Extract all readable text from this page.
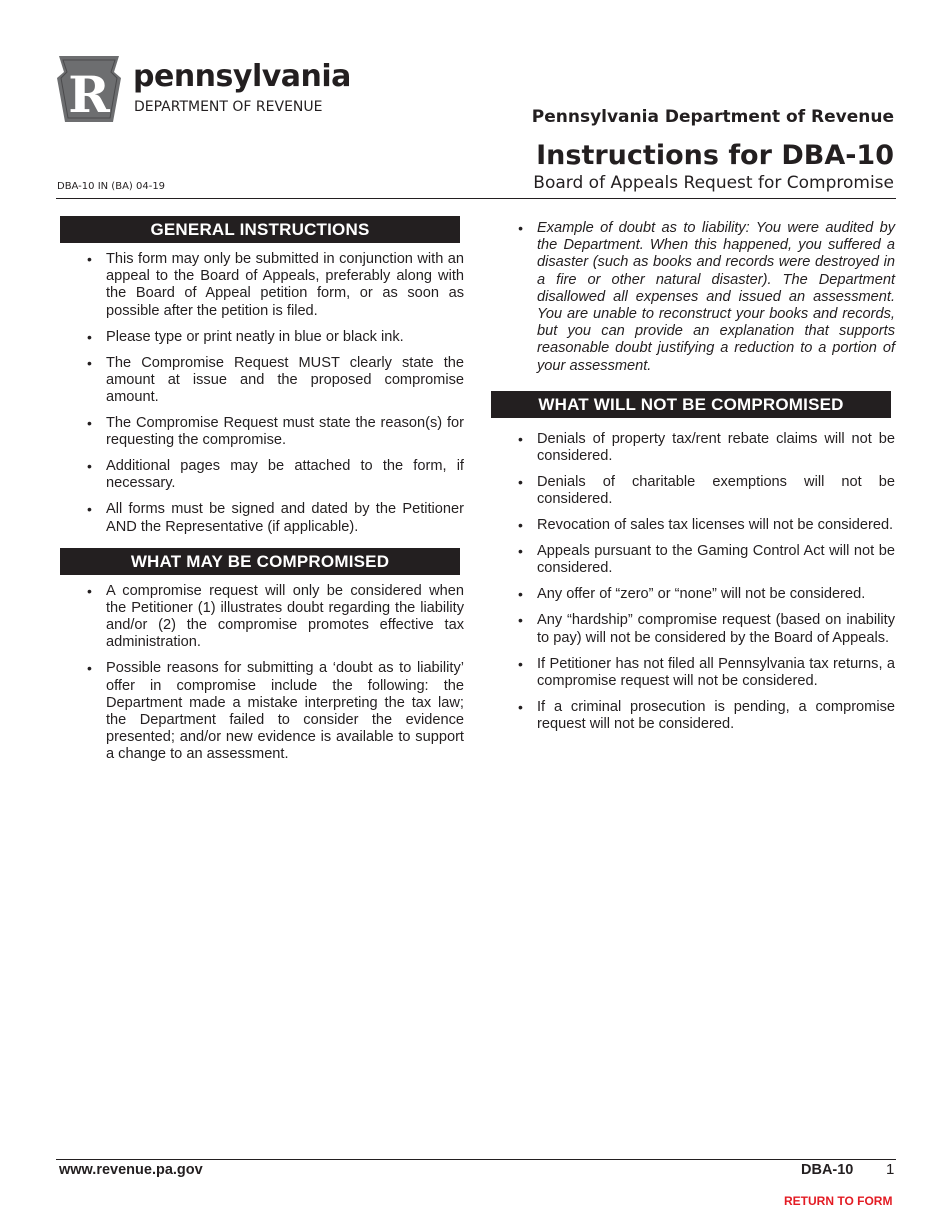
R pennsylvania
DEPARTMENT OF REVENUE	Pennsylvania Department of Revenue
Instructions for DBA-10
Board of Appeals Request for Compromise
DBA-10 IN (BA) 04-19
GENERAL INSTRUCTIONS
• This form may only be submitted in conjunction with an appeal to the Board of Appeals, preferably along with the Board of Appeal petition form, or as soon as possible after the petition is filed.
• Please type or print neatly in blue or black ink.
• The Compromise Request MUST clearly state the amount at issue and the proposed compromise amount.
• The Compromise Request must state the reason(s) for requesting the compromise.
• Additional pages may be attached to the form, if necessary.
• All forms must be signed and dated by the Petitioner AND the Representative (if applicable).
WHAT MAY BE COMPROMISED
• A compromise request will only be considered when the Petitioner (1) illustrates doubt regarding the liability and/or (2) the compromise promotes effective tax administration.
• Possible reasons for submitting a ‘doubt as to liability’ offer in compromise include the following: the Department made a mistake interpreting the tax law; the Department failed to consider the evidence presented; and/or new evidence is available to support a change to an assessment.
• Example of doubt as to liability: You were audited by the Department. When this happened, you suffered a disaster (such as books and records were destroyed in a fire or other natural disaster). The Department disallowed all expenses and issued an assessment. You are unable to reconstruct your books and records, but you can provide an explanation that supports reasonable doubt justifying a reduction to a portion of your assessment.
WHAT WILL NOT BE COMPROMISED
• Denials of property tax/rent rebate claims will not be considered.
• Denials of charitable exemptions will not be considered.
• Revocation of sales tax licenses will not be considered.
• Appeals pursuant to the Gaming Control Act will not be considered.
• Any offer of “zero” or “none” will not be considered.
• Any “hardship” compromise request (based on inability to pay) will not be considered by the Board of Appeals.
• If Petitioner has not filed all Pennsylvania tax returns, a compromise request will not be considered.
• If a criminal prosecution is pending, a compromise request will not be considered.
www.revenue.pa.gov	DBA-10 1
RETURN TO FORM
